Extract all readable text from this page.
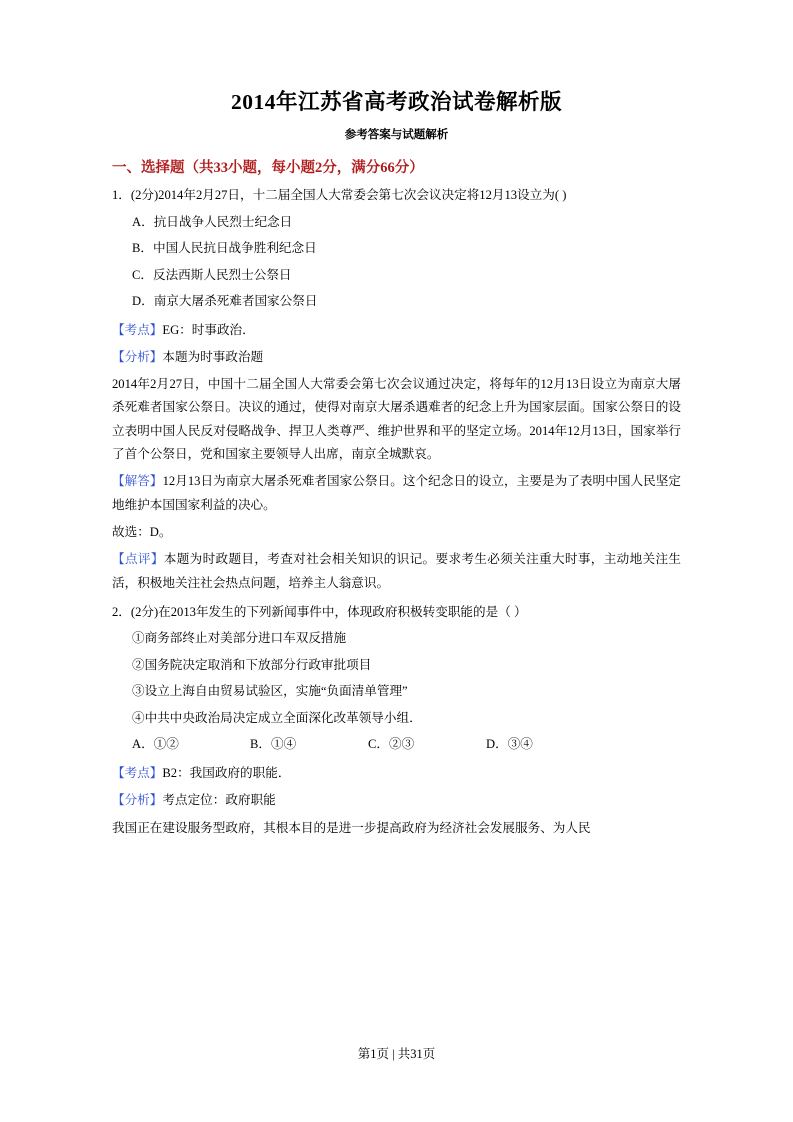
2014年江苏省高考政治试卷解析版
参考答案与试题解析
一、选择题（共33小题，每小题2分，满分66分）
1．(2分)2014年2月27日，十二届全国人大常委会第七次会议决定将12月13设立为( )
A．抗日战争人民烈士纪念日
B．中国人民抗日战争胜利纪念日
C．反法西斯人民烈士公祭日
D．南京大屠杀死难者国家公祭日
【考点】EG：时事政治．
【分析】本题为时事政治题
2014年2月27日，中国十二届全国人大常委会第七次会议通过决定，将每年的12月13日设立为南京大屠杀死难者国家公祭日。决议的通过，使得对南京大屠杀遇难者的纪念上升为国家层面。国家公祭日的设立表明中国人民反对侵略战争、捍卫人类尊严、维护世界和平的坚定立场。2014年12月13日，国家举行了首个公祭日，党和国家主要领导人出席，南京全城默哀。
【解答】12月13日为南京大屠杀死难者国家公祭日。这个纪念日的设立，主要是为了表明中国人民坚定地维护本国国家利益的决心。
故选：D。
【点评】本题为时政题目，考查对社会相关知识的识记。要求考生必须关注重大时事，主动地关注生活，积极地关注社会热点问题，培养主人翁意识。
2．(2分)在2013年发生的下列新闻事件中，体现政府积极转变职能的是（ ）
①商务部终止对美部分进口车双反措施
②国务院决定取消和下放部分行政审批项目
③设立上海自由贸易试验区，实施“负面清单管理”
④中共中央政治局决定成立全面深化改革领导小组．
A．①②	B．①④	C．②③	D．③④
【考点】B2：我国政府的职能．
【分析】考点定位：政府职能
我国正在建设服务型政府，其根本目的是进一步提高政府为经济社会发展服务、为人民
第1页 | 共31页
